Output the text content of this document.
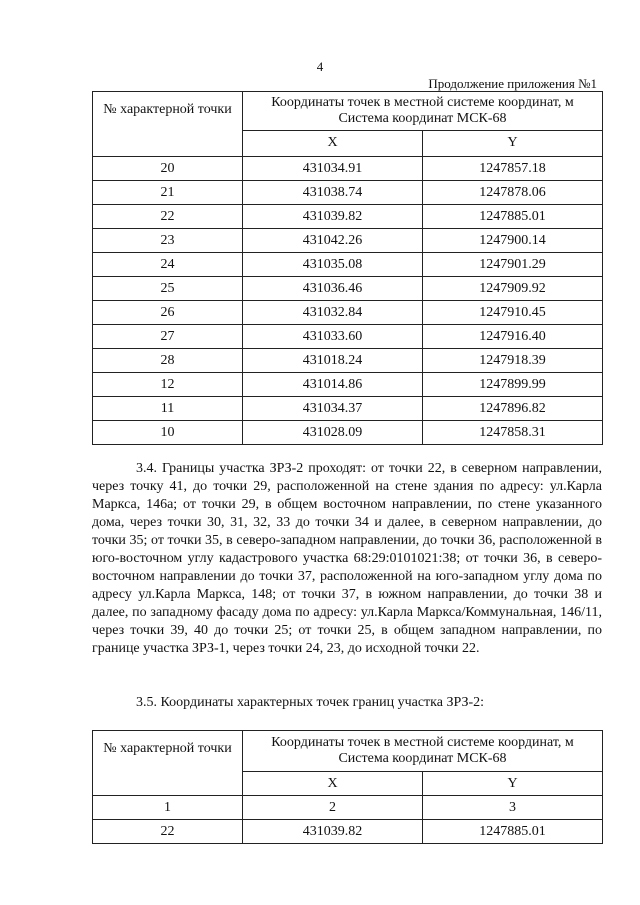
4
Продолжение приложения №1
№ характерной точки	Координаты точек в местной системе координат, м Система координат МСК-68	
	X	Y
20	431034.91	1247857.18
21	431038.74	1247878.06
22	431039.82	1247885.01
23	431042.26	1247900.14
24	431035.08	1247901.29
25	431036.46	1247909.92
26	431032.84	1247910.45
27	431033.60	1247916.40
28	431018.24	1247918.39
12	431014.86	1247899.99
11	431034.37	1247896.82
10	431028.09	1247858.31

3.4. Границы участка ЗРЗ-2 проходят: от точки 22, в северном направлении, через точку 41, до точки 29, расположенной на стене здания по адресу: ул.Карла Маркса, 146а; от точки 29, в общем восточном направлении, по стене указанного дома, через точки 30, 31, 32, 33 до точки 34 и далее, в северном направлении, до точки 35; от точки 35, в северо-западном направлении, до точки 36, расположенной в юго-восточном углу кадастрового участка 68:29:0101021:38; от точки 36, в северо-восточном направлении до точки 37, расположенной на юго-западном углу дома по адресу ул.Карла Маркса, 148; от точки 37, в южном направлении, до точки 38 и далее, по западному фасаду дома по адресу: ул.Карла Маркса/Коммунальная, 146/11, через точки 39, 40 до точки 25; от точки 25, в общем западном направлении, по границе участка ЗРЗ-1, через точки 24, 23, до исходной точки 22.

3.5. Координаты характерных точек границ участка ЗРЗ-2:

№ характерной точки	Координаты точек в местной системе координат, м Система координат МСК-68	
	X	Y
1	2	3
22	431039.82	1247885.01
